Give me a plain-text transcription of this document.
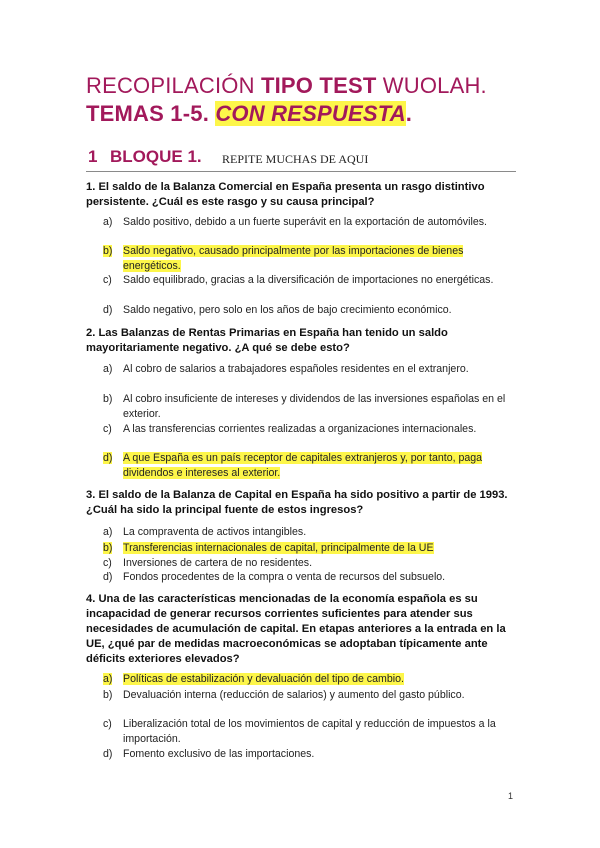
RECOPILACIÓN TIPO TEST WUOLAH.
TEMAS 1-5. CON RESPUESTA.
1 BLOQUE 1. REPITE MUCHAS DE AQUI
1. El saldo de la Balanza Comercial en España presenta un rasgo distintivo persistente. ¿Cuál es este rasgo y su causa principal?
a) Saldo positivo, debido a un fuerte superávit en la exportación de automóviles.
b) Saldo negativo, causado principalmente por las importaciones de bienes energéticos.
c)	Saldo equilibrado, gracias a la diversificación de importaciones no energéticas.
d) Saldo negativo, pero solo en los años de bajo crecimiento económico.
2. Las Balanzas de Rentas Primarias en España han tenido un saldo mayoritariamente negativo. ¿A qué se debe esto?
a) Al cobro de salarios a trabajadores españoles residentes en el extranjero.
b) Al cobro insuficiente de intereses y dividendos de las inversiones españolas en el exterior.
c)	A las transferencias corrientes realizadas a organizaciones internacionales.
d) A que España es un país receptor de capitales extranjeros y, por tanto, paga dividendos e intereses al exterior.
3. El saldo de la Balanza de Capital en España ha sido positivo a partir de 1993. ¿Cuál ha sido la principal fuente de estos ingresos?
a) La compraventa de activos intangibles.
b) Transferencias internacionales de capital, principalmente de la UE
c)	Inversiones de cartera de no residentes.
d) Fondos procedentes de la compra o venta de recursos del subsuelo.
4. Una de las características mencionadas de la economía española es su incapacidad de generar recursos corrientes suficientes para atender sus necesidades de acumulación de capital. En etapas anteriores a la entrada en la UE, ¿qué par de medidas macroeconómicas se adoptaban típicamente ante déficits exteriores elevados?
a) Políticas de estabilización y devaluación del tipo de cambio.
b) Devaluación interna (reducción de salarios) y aumento del gasto público.
c)	Liberalización total de los movimientos de capital y reducción de impuestos a la importación.
d) Fomento exclusivo de las importaciones.
1
